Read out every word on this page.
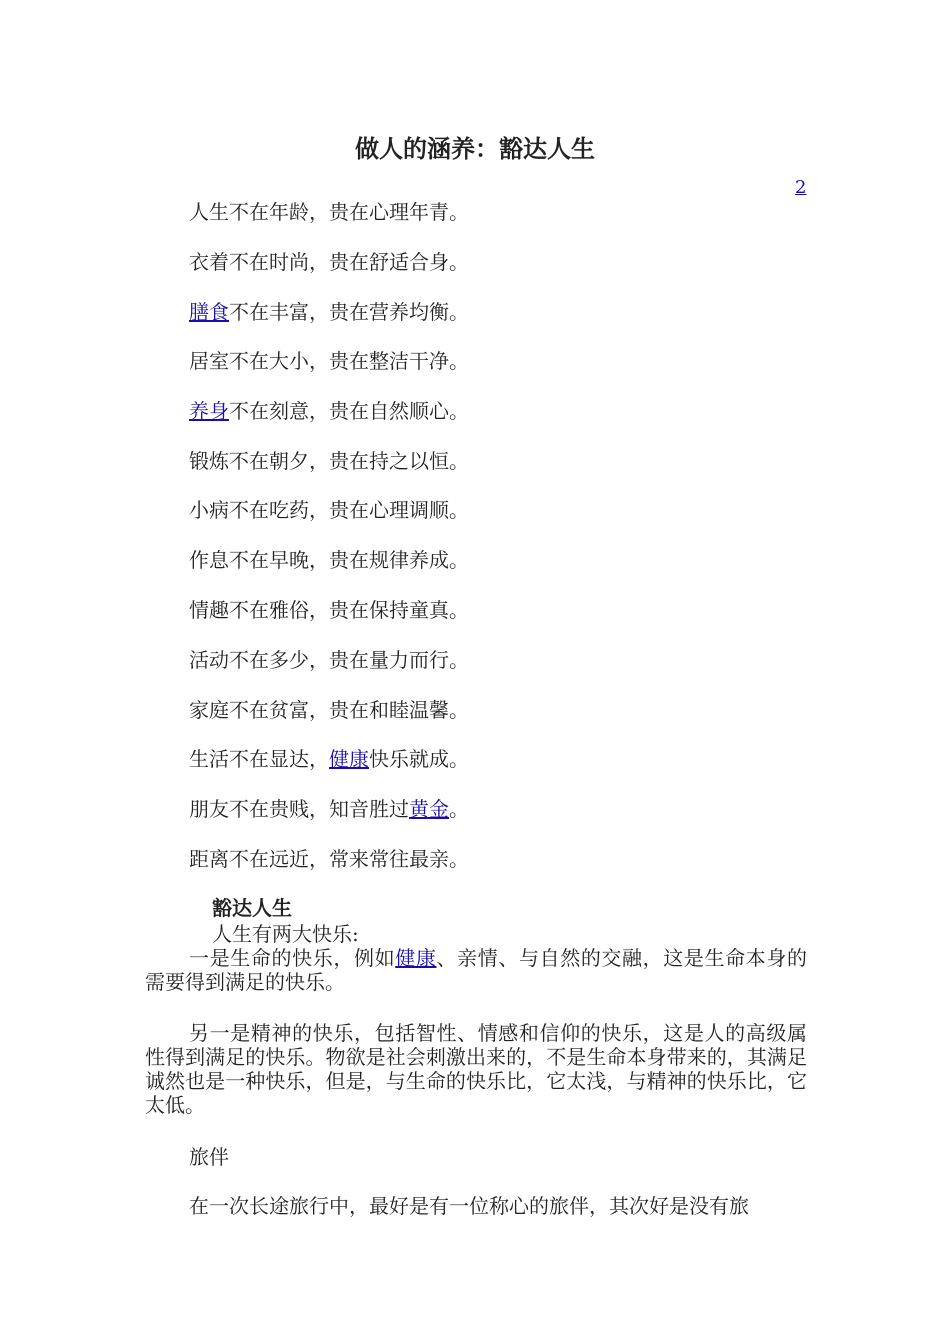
做人的涵养：豁达人生
2
人生不在年龄，贵在心理年青。
衣着不在时尚，贵在舒适合身。
膳食不在丰富，贵在营养均衡。
居室不在大小，贵在整洁干净。
养身不在刻意，贵在自然顺心。
锻炼不在朝夕，贵在持之以恒。
小病不在吃药，贵在心理调顺。
作息不在早晚，贵在规律养成。
情趣不在雅俗，贵在保持童真。
活动不在多少，贵在量力而行。
家庭不在贫富，贵在和睦温馨。
生活不在显达，健康快乐就成。
朋友不在贵贱，知音胜过黄金。
距离不在远近，常来常往最亲。
豁达人生
人生有两大快乐:
一是生命的快乐，例如健康、亲情、与自然的交融，这是生命本身的需要得到满足的快乐。
另一是精神的快乐，包括智性、情感和信仰的快乐，这是人的高级属性得到满足的快乐。物欲是社会刺激出来的，不是生命本身带来的，其满足诚然也是一种快乐，但是，与生命的快乐比，它太浅，与精神的快乐比，它太低。
旅伴
在一次长途旅行中，最好是有一位称心的旅伴，其次好是没有旅
